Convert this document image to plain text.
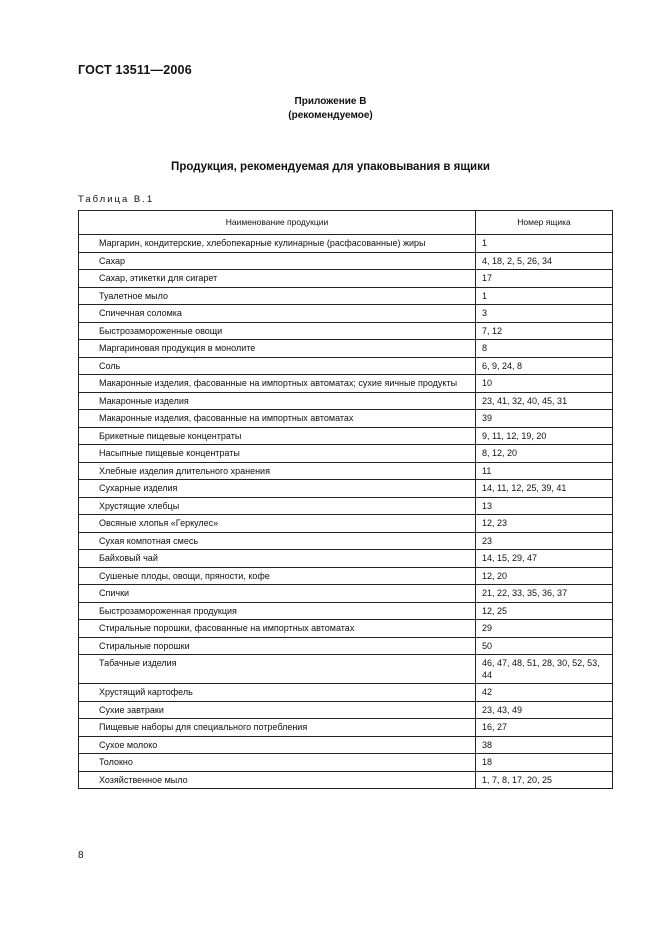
ГОСТ 13511—2006
Приложение В
(рекомендуемое)
Продукция, рекомендуемая для упаковывания в ящики
Таблица В.1
Наименование продукции	Номер ящика
Маргарин, кондитерские, хлебопекарные кулинарные (расфасованные) жиры	1
Сахар	4, 18, 2, 5, 26, 34
Сахар, этикетки для сигарет	17
Туалетное мыло	1
Спичечная соломка	3
Быстрозамороженные овощи	7, 12
Маргариновая продукция в монолите	8
Соль	6, 9, 24, 8
Макаронные изделия, фасованные на импортных автоматах; сухие яичные продукты	10
Макаронные изделия	23, 41, 32, 40, 45, 31
Макаронные изделия, фасованные на импортных автоматах	39
Брикетные пищевые концентраты	9, 11, 12, 19, 20
Насыпные пищевые концентраты	8, 12, 20
Хлебные изделия длительного хранения	11
Сухарные изделия	14, 11, 12, 25, 39, 41
Хрустящие хлебцы	13
Овсяные хлопья «Геркулес»	12, 23
Сухая компотная смесь	23
Байховый чай	14, 15, 29, 47
Сушеные плоды, овощи, пряности, кофе	12, 20
Спички	21, 22, 33, 35, 36, 37
Быстрозамороженная продукция	12, 25
Стиральные порошки, фасованные на импортных автоматах	29
Стиральные порошки	50
Табачные изделия	46, 47, 48, 51, 28, 30, 52, 53, 44
Хрустящий картофель	42
Сухие завтраки	23, 43, 49
Пищевые наборы для специального потребления	16, 27
Сухое молоко	38
Толокно	18
Хозяйственное мыло	1, 7, 8, 17, 20, 25
8
